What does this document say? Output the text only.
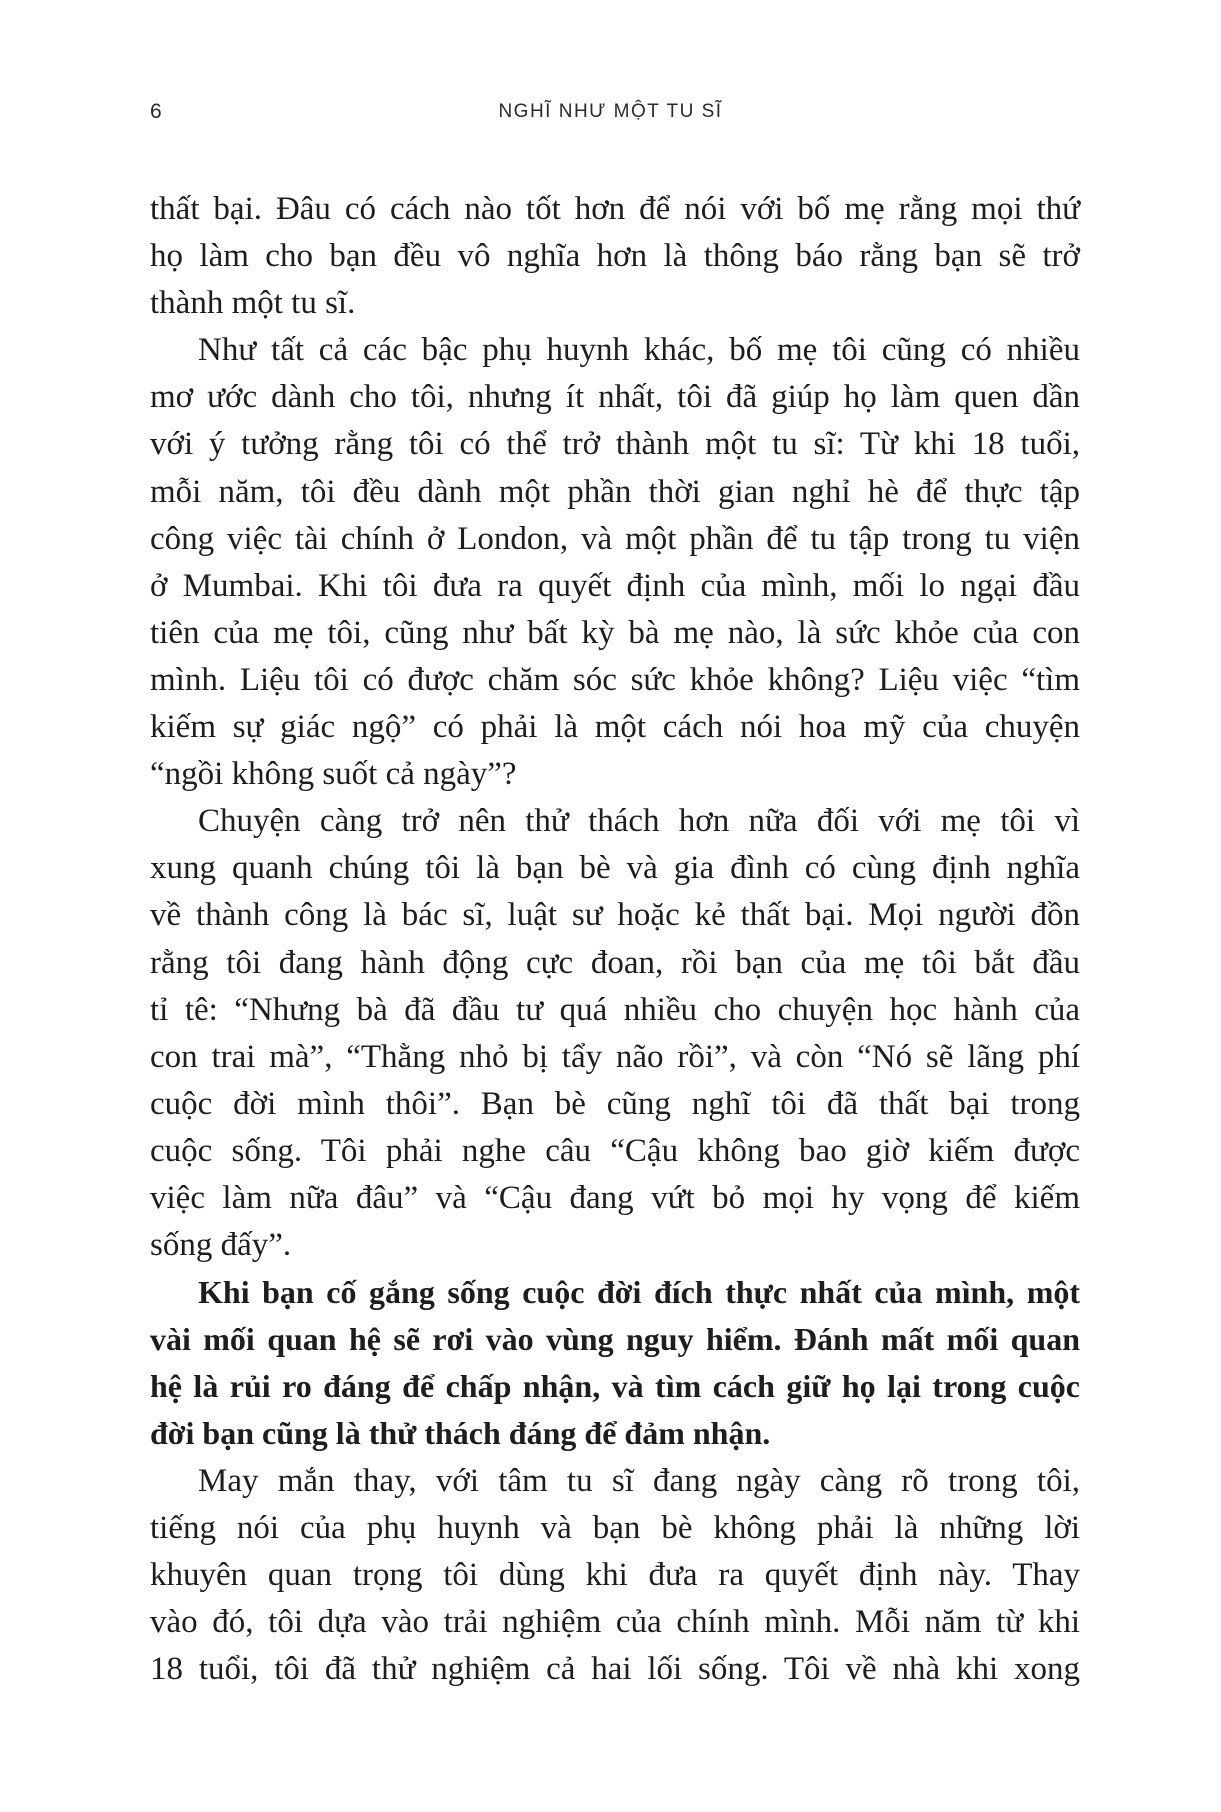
6	NGHĨ NHƯ MỘT TU SĨ
thất bại. Đâu có cách nào tốt hơn để nói với bố mẹ rằng mọi thứ
họ làm cho bạn đều vô nghĩa hơn là thông báo rằng bạn sẽ trở
thành một tu sĩ.
Như tất cả các bậc phụ huynh khác, bố mẹ tôi cũng có nhiều
mơ ước dành cho tôi, nhưng ít nhất, tôi đã giúp họ làm quen dần
với ý tưởng rằng tôi có thể trở thành một tu sĩ: Từ khi 18 tuổi,
mỗi năm, tôi đều dành một phần thời gian nghỉ hè để thực tập
công việc tài chính ở London, và một phần để tu tập trong tu viện
ở Mumbai. Khi tôi đưa ra quyết định của mình, mối lo ngại đầu
tiên của mẹ tôi, cũng như bất kỳ bà mẹ nào, là sức khỏe của con
mình. Liệu tôi có được chăm sóc sức khỏe không? Liệu việc “tìm
kiếm sự giác ngộ” có phải là một cách nói hoa mỹ của chuyện
“ngồi không suốt cả ngày”?
Chuyện càng trở nên thử thách hơn nữa đối với mẹ tôi vì
xung quanh chúng tôi là bạn bè và gia đình có cùng định nghĩa
về thành công là bác sĩ, luật sư hoặc kẻ thất bại. Mọi người đồn
rằng tôi đang hành động cực đoan, rồi bạn của mẹ tôi bắt đầu
tỉ tê: “Nhưng bà đã đầu tư quá nhiều cho chuyện học hành của
con trai mà”, “Thằng nhỏ bị tẩy não rồi”, và còn “Nó sẽ lãng phí
cuộc đời mình thôi”. Bạn bè cũng nghĩ tôi đã thất bại trong
cuộc sống. Tôi phải nghe câu “Cậu không bao giờ kiếm được
việc làm nữa đâu” và “Cậu đang vứt bỏ mọi hy vọng để kiếm
sống đấy”.
Khi bạn cố gắng sống cuộc đời đích thực nhất của mình, một
vài mối quan hệ sẽ rơi vào vùng nguy hiểm. Đánh mất mối quan
hệ là rủi ro đáng để chấp nhận, và tìm cách giữ họ lại trong cuộc
đời bạn cũng là thử thách đáng để đảm nhận.
May mắn thay, với tâm tu sĩ đang ngày càng rõ trong tôi,
tiếng nói của phụ huynh và bạn bè không phải là những lời
khuyên quan trọng tôi dùng khi đưa ra quyết định này. Thay
vào đó, tôi dựa vào trải nghiệm của chính mình. Mỗi năm từ khi
18 tuổi, tôi đã thử nghiệm cả hai lối sống. Tôi về nhà khi xong
